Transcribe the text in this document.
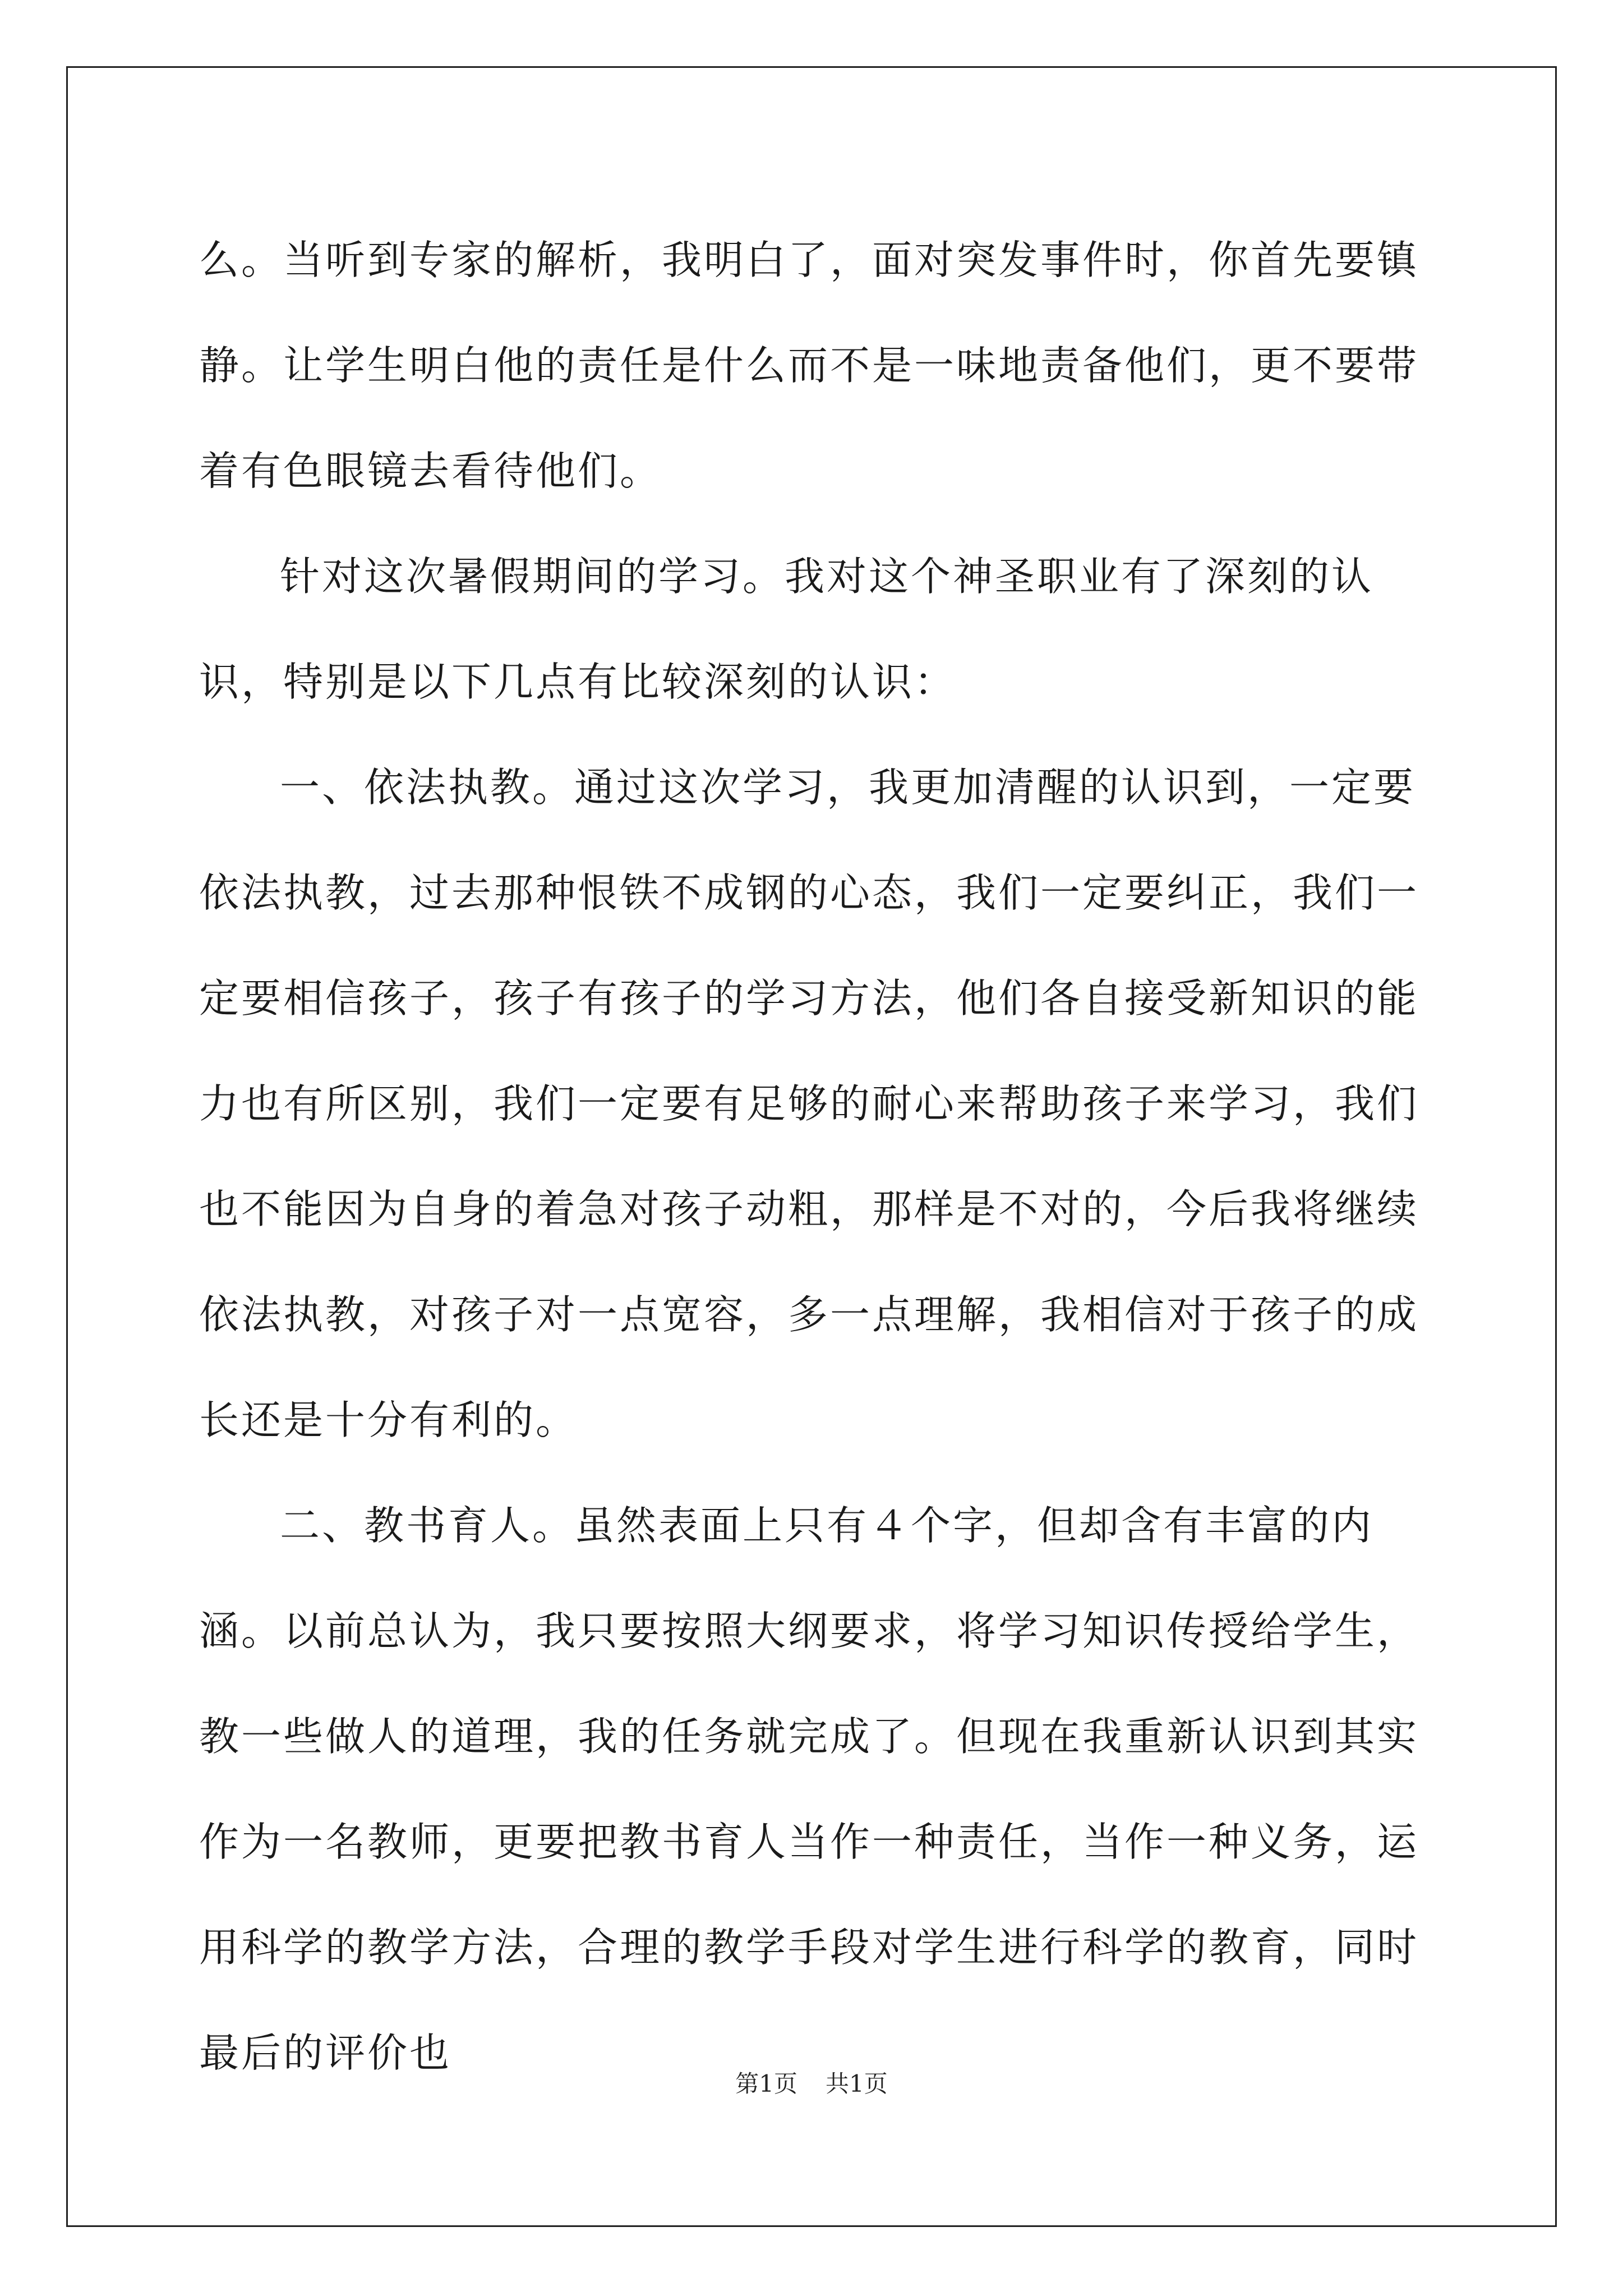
么。当听到专家的解析，我明白了，面对突发事件时，你首先要镇静。让学生明白他的责任是什么而不是一味地责备他们，更不要带着有色眼镜去看待他们。

针对这次暑假期间的学习。我对这个神圣职业有了深刻的认识，特别是以下几点有比较深刻的认识：

一、依法执教。通过这次学习，我更加清醒的认识到，一定要依法执教，过去那种恨铁不成钢的心态，我们一定要纠正，我们一定要相信孩子，孩子有孩子的学习方法，他们各自接受新知识的能力也有所区别，我们一定要有足够的耐心来帮助孩子来学习，我们也不能因为自身的着急对孩子动粗，那样是不对的，今后我将继续依法执教，对孩子对一点宽容，多一点理解，我相信对于孩子的成长还是十分有利的。

二、教书育人。虽然表面上只有４个字，但却含有丰富的内涵。以前总认为，我只要按照大纲要求，将学习知识传授给学生，教一些做人的道理，我的任务就完成了。但现在我重新认识到其实作为一名教师，更要把教书育人当作一种责任，当作一种义务，运用科学的教学方法，合理的教学手段对学生进行科学的教育，同时最后的评价也

第1页 共1页
